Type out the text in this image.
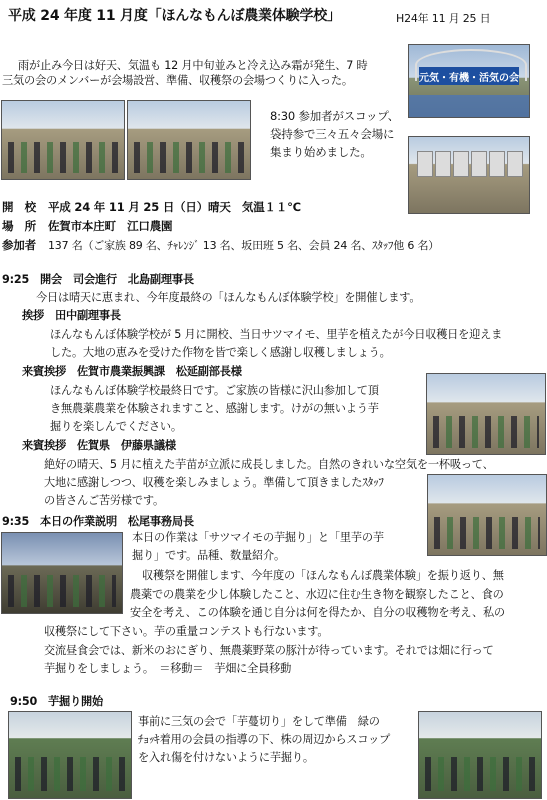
平成 24 年度 11 月度「ほんなもんぼ農業体験学校」	H24年 11 月 25 日
雨が止み今日は好天、気温も 12 月中旬並みと冷え込み霜が発生、7 時
三気の会のメンバーが会場設営、準備、収穫祭の会場つくりに入った。	元気・有機・活気の会
8:30 参加者がスコップ、
袋持参で三々五々会場に
集まり始めました。
開　校 平成 24 年 11 月 25 日（日）晴天　気温１１℃
場　所 佐賀市本庄町　江口農園
参加者 137 名（ご家族 89 名、ﾁｬﾚﾝｼﾞ 13 名、坂田班 5 名、会員 24 名、ｽﾀｯﾌ他 6 名）
9:25　開会　司会進行　北島副理事長
今日は晴天に恵まれ、今年度最終の「ほんなもんぼ体験学校」を開催します。
挨拶　田中副理事長
ほんなもんぼ体験学校が 5 月に開校、当日サツマイモ、里芋を植えたが今日収穫日を迎えま
した。大地の恵みを受けた作物を皆で楽しく感謝し収穫しましょう。
来賓挨拶　佐賀市農業振興課　松延副部長様
ほんなもんぼ体験学校最終日です。ご家族の皆様に沢山参加して頂
き無農薬農業を体験されますこと、感謝します。けがの無いよう芋
掘りを楽しんでください。
来賓挨拶　佐賀県　伊藤県議様
絶好の晴天、5 月に植えた芋苗が立派に成長しました。自然のきれいな空気を一杯吸って、
大地に感謝しつつ、収穫を楽しみましょう。準備して頂きましたｽﾀｯﾌ
の皆さんご苦労様です。
9:35　本日の作業説明　松尾事務局長
本日の作業は「サツマイモの芋掘り」と「里芋の芋
掘り」です。品種、数量紹介。
収穫祭を開催します、今年度の「ほんなもんぼ農業体験」を振り返り、無
農薬での農業を少し体験したこと、水辺に住む生き物を観察したこと、食の
安全を考え、この体験を通じ自分は何を得たか、自分の収穫物を考え、私の
収穫祭にして下さい。芋の重量コンテストも行ないます。
交流昼食会では、新米のおにぎり、無農薬野菜の豚汁が待っています。それでは畑に行って
芋掘りをしましょう。　＝移動＝　芋畑に全員移動
9:50　芋掘り開始
事前に三気の会で「芋蔓切り」をして準備　緑の
ﾁｮｯｷ着用の会員の指導の下、株の周辺からスコップ
を入れ傷を付けないように芋掘り。
